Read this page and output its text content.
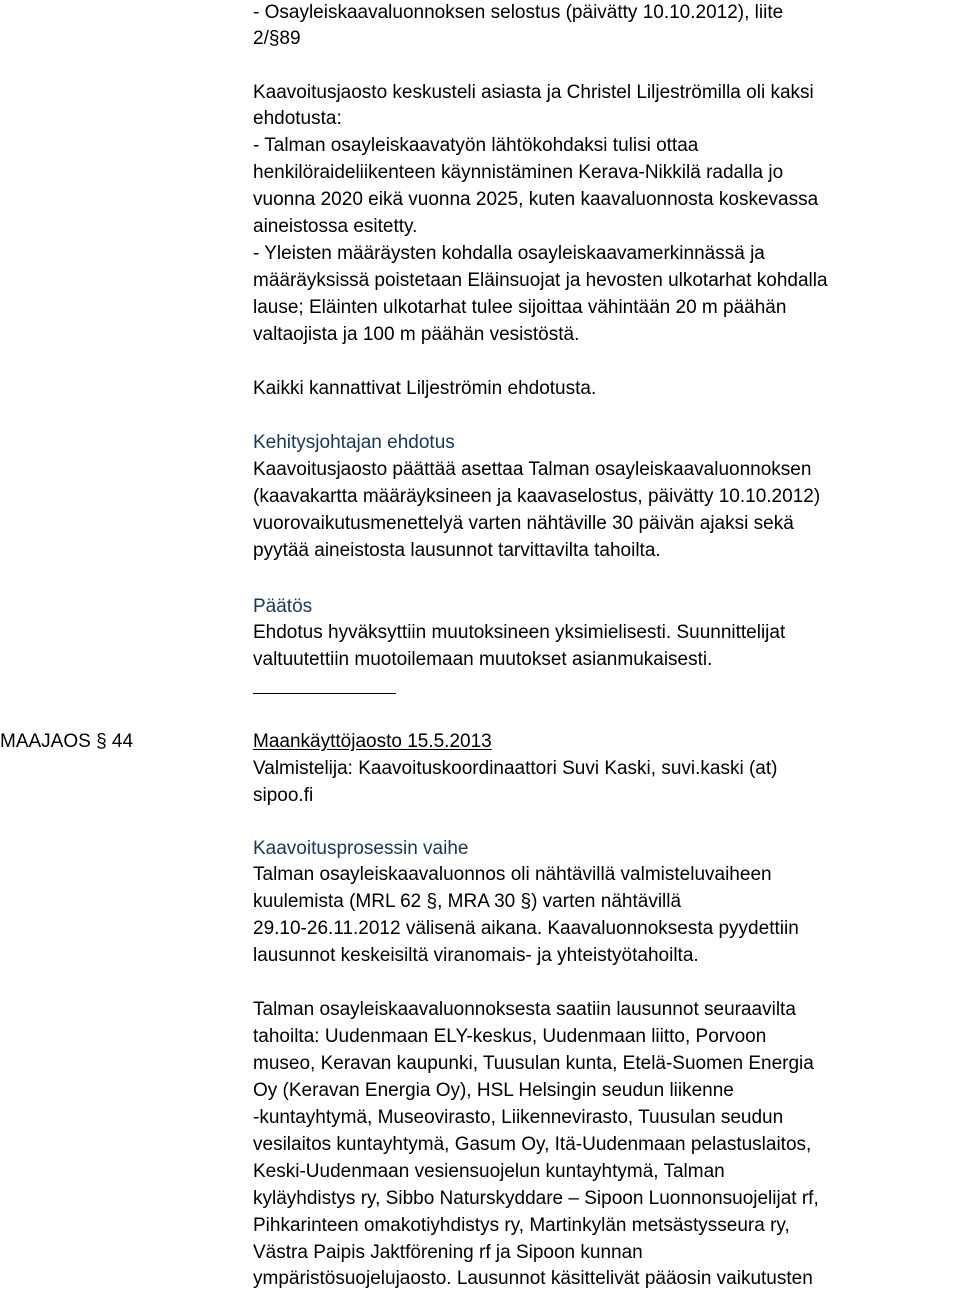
- Osayleiskaavaluonnoksen selostus (päivätty 10.10.2012), liite
2/§89
Kaavoitusjaosto keskusteli asiasta ja Christel Liljeströmilla oli kaksi
ehdotusta:
- Talman osayleiskaavatyön lähtökohdaksi tulisi ottaa
henkilöraideliikenteen käynnistäminen Kerava-Nikkilä radalla jo
vuonna 2020 eikä vuonna 2025, kuten kaavaluonnosta koskevassa
aineistossa esitetty.
- Yleisten määräysten kohdalla osayleiskaavamerkinnässä ja
määräyksissä poistetaan Eläinsuojat ja hevosten ulkotarhat kohdalla
lause; Eläinten ulkotarhat tulee sijoittaa vähintään 20 m päähän
valtaojista ja 100 m päähän vesistöstä.
Kaikki kannattivat Liljeströmin ehdotusta.
Kehitysjohtajan ehdotus
Kaavoitusjaosto päättää asettaa Talman osayleiskaavaluonnoksen
(kaavakartta määräyksineen ja kaavaselostus, päivätty 10.10.2012)
vuorovaikutusmenettelyä varten nähtäville 30 päivän ajaksi sekä
pyytää aineistosta lausunnot tarvittavilta tahoilta.
Päätös
Ehdotus hyväksyttiin muutoksineen yksimielisesti. Suunnittelijat
valtuutettiin muotoilemaan muutokset asianmukaisesti.
MAAJAOS § 44	Maankäyttöjaosto 15.5.2013
Valmistelija: Kaavoituskoordinaattori Suvi Kaski, suvi.kaski (at)
sipoo.fi
Kaavoitusprosessin vaihe
Talman osayleiskaavaluonnos oli nähtävillä valmisteluvaiheen
kuulemista (MRL 62 §, MRA 30 §) varten nähtävillä
29.10-26.11.2012 välisenä aikana. Kaavaluonnoksesta pyydettiin
lausunnot keskeisiltä viranomais- ja yhteistyötahoilta.
Talman osayleiskaavaluonnoksesta saatiin lausunnot seuraavilta
tahoilta: Uudenmaan ELY-keskus, Uudenmaan liitto, Porvoon
museo, Keravan kaupunki, Tuusulan kunta, Etelä-Suomen Energia
Oy (Keravan Energia Oy), HSL Helsingin seudun liikenne
-kuntayhtymä, Museovirasto, Liikennevirasto, Tuusulan seudun
vesilaitos kuntayhtymä, Gasum Oy, Itä-Uudenmaan pelastuslaitos,
Keski-Uudenmaan vesiensuojelun kuntayhtymä, Talman
kyläyhdistys ry, Sibbo Naturskyddare – Sipoon Luonnonsuojelijat rf,
Pihkarinteen omakotiyhdistys ry, Martinkylän metsästysseura ry,
Västra Paipis Jaktförening rf ja Sipoon kunnan
ympäristösuojelujaosto. Lausunnot käsittelivät pääosin vaikutusten
